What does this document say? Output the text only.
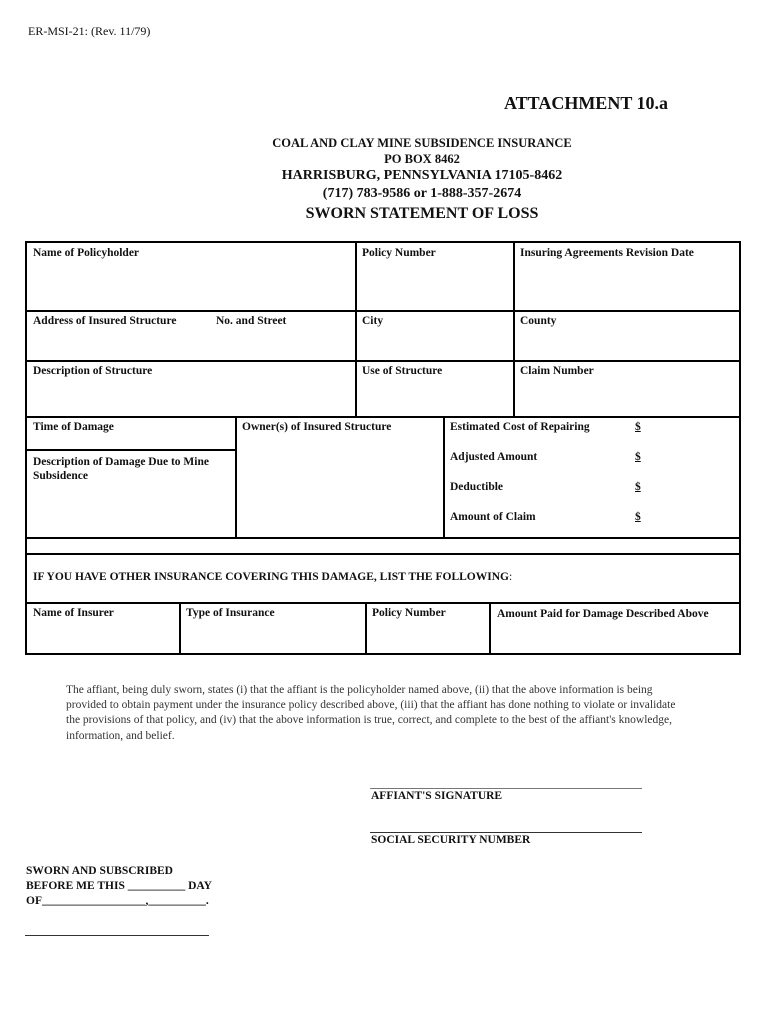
ER-MSI-21: (Rev. 11/79)
ATTACHMENT 10.a
COAL AND CLAY MINE SUBSIDENCE INSURANCE
PO BOX 8462
HARRISBURG, PENNSYLVANIA 17105-8462
(717) 783-9586 or 1-888-357-2674
SWORN STATEMENT OF LOSS
Name of Policyholder	Policy Number	Insuring Agreements Revision Date
Address of Insured Structure	No. and Street	City	County
Description of Structure	Use of Structure	Claim Number
Time of Damage	Owner(s) of Insured Structure	Estimated Cost of Repairing	$
Description of Damage Due to Mine Subsidence
Adjusted Amount	$
Deductible	$
Amount of Claim	$
IF YOU HAVE OTHER INSURANCE COVERING THIS DAMAGE, LIST THE FOLLOWING:
Name of Insurer	Type of Insurance	Policy Number	Amount Paid for Damage Described Above
The affiant, being duly sworn, states (i) that the affiant is the policyholder named above, (ii) that the above information is being provided to obtain payment under the insurance policy described above, (iii) that the affiant has done nothing to violate or invalidate the provisions of that policy, and (iv) that the above information is true, correct, and complete to the best of the affiant's knowledge, information, and belief.
AFFIANT'S SIGNATURE
SOCIAL SECURITY NUMBER
SWORN AND SUBSCRIBED
BEFORE ME THIS __________ DAY
OF__________________,__________.
